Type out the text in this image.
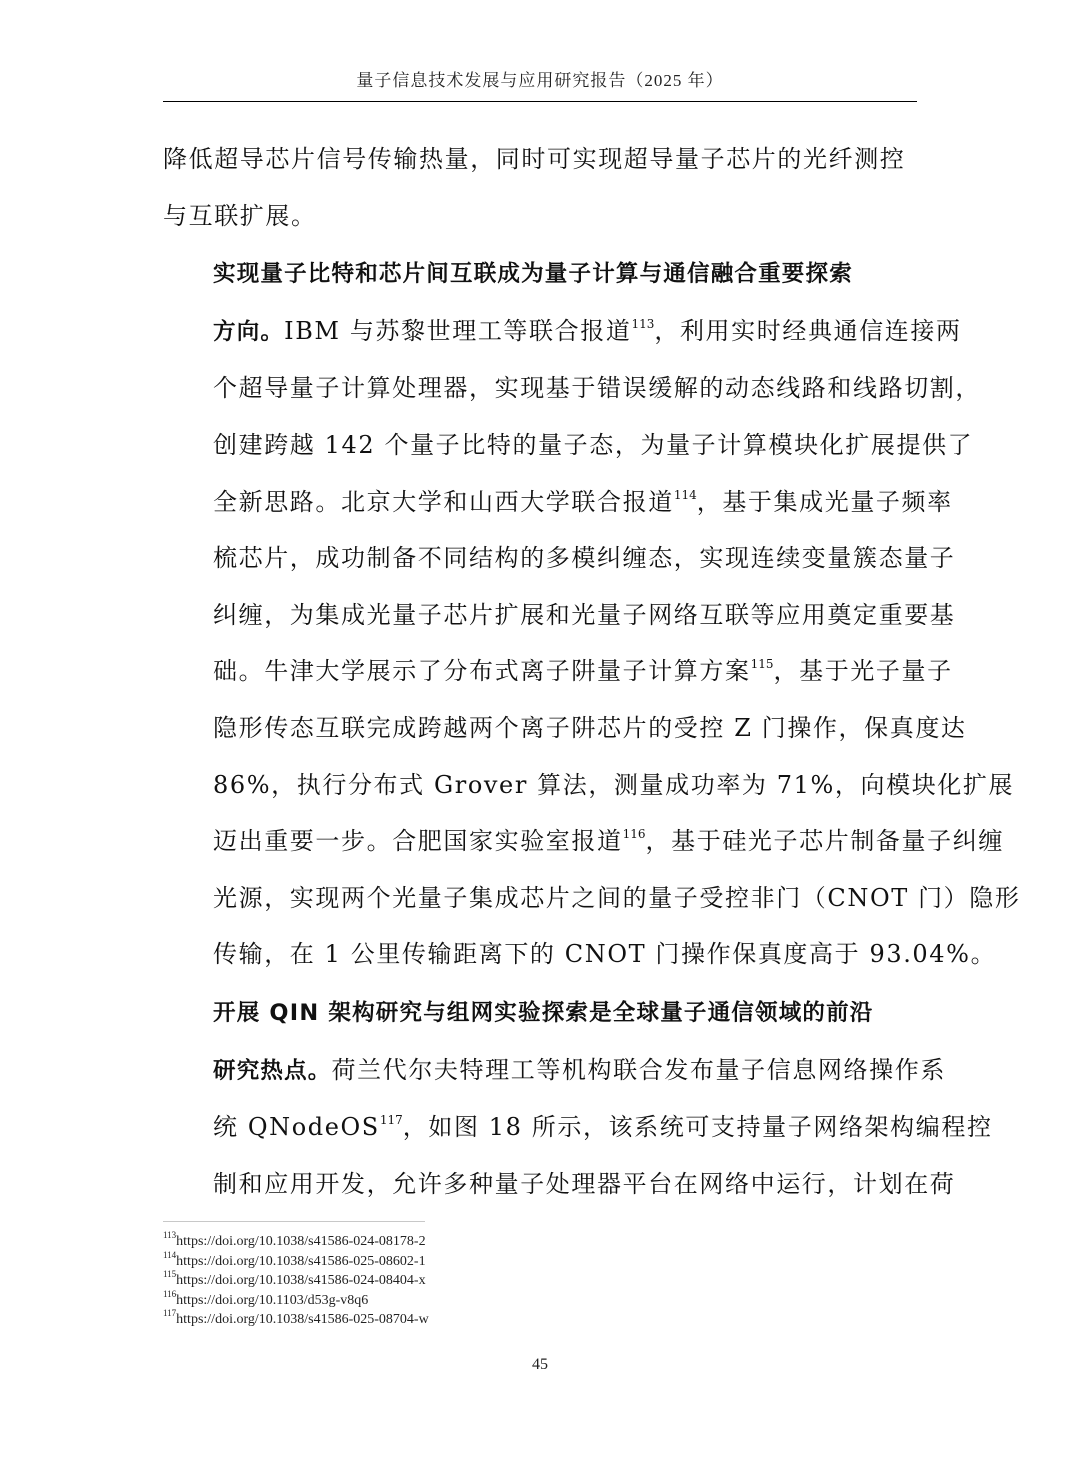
量子信息技术发展与应用研究报告（2025 年）

降低超导芯片信号传输热量，同时可实现超导量子芯片的光纤测控
与互联扩展。

实现量子比特和芯片间互联成为量子计算与通信融合重要探索
方向。IBM 与苏黎世理工等联合报道$^{113}$，利用实时经典通信连接两
个超导量子计算处理器，实现基于错误缓解的动态线路和线路切割，
创建跨越 142 个量子比特的量子态，为量子计算模块化扩展提供了
全新思路。北京大学和山西大学联合报道$^{114}$，基于集成光量子频率
梳芯片，成功制备不同结构的多模纠缠态，实现连续变量簇态量子
纠缠，为集成光量子芯片扩展和光量子网络互联等应用奠定重要基
础。牛津大学展示了分布式离子阱量子计算方案$^{115}$，基于光子量子
隐形传态互联完成跨越两个离子阱芯片的受控 Z 门操作，保真度达
86%，执行分布式 Grover 算法，测量成功率为 71%，向模块化扩展
迈出重要一步。合肥国家实验室报道$^{116}$，基于硅光子芯片制备量子纠缠
光源，实现两个光量子集成芯片之间的量子受控非门（CNOT 门）隐形
传输，在 1 公里传输距离下的 CNOT 门操作保真度高于 93.04%。

开展 QIN 架构研究与组网实验探索是全球量子通信领域的前沿
研究热点。荷兰代尔夫特理工等机构联合发布量子信息网络操作系
统 QNodeOS$^{117}$，如图 18 所示，该系统可支持量子网络架构编程控
制和应用开发，允许多种量子处理器平台在网络中运行，计划在荷

$^{113}$https://doi.org/10.1038/s41586-024-08178-2
$^{114}$https://doi.org/10.1038/s41586-025-08602-1
$^{115}$https://doi.org/10.1038/s41586-024-08404-x
$^{116}$https://doi.org/10.1103/d53g-v8q6
$^{117}$https://doi.org/10.1038/s41586-025-08704-w
45
